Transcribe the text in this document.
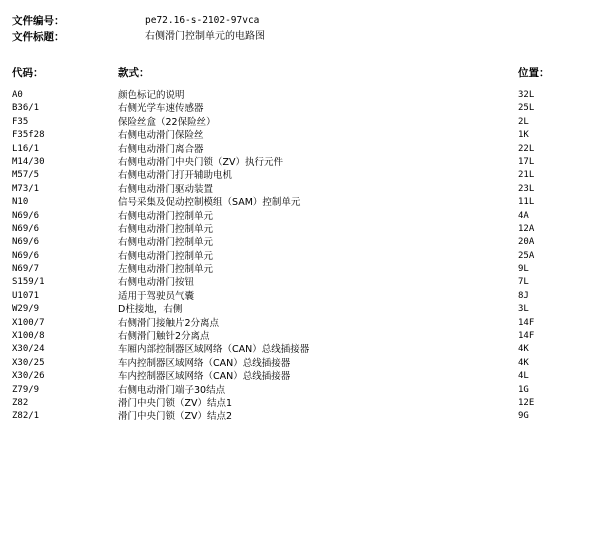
文件编号：	pe72.16-s-2102-97vca
文件标题：	右侧滑门控制单元的电路图
代码：	款式：	位置：
A0	颜色标记的说明	32L
B36/1	右侧光学车速传感器	25L
F35	保险丝盒（22保险丝）	2L
F35f28	右侧电动滑门保险丝	1K
L16/1	右侧电动滑门离合器	22L
M14/30	右侧电动滑门中央门锁（ZV）执行元件	17L
M57/5	右侧电动滑门打开辅助电机	21L
M73/1	右侧电动滑门驱动装置	23L
N10	信号采集及促动控制模组（SAM）控制单元	11L
N69/6	右侧电动滑门控制单元	4A
N69/6	右侧电动滑门控制单元	12A
N69/6	右侧电动滑门控制单元	20A
N69/6	右侧电动滑门控制单元	25A
N69/7	左侧电动滑门控制单元	9L
S159/1	右侧电动滑门按钮	7L
U1071	适用于驾驶员气囊	8J
W29/9	D柱接地，右侧	3L
X100/7	右侧滑门接触片2分离点	14F
X100/8	右侧滑门触针2分离点	14F
X30/24	车厢内部控制器区域网络（CAN）总线插接器	4K
X30/25	车内控制器区域网络（CAN）总线插接器	4K
X30/26	车内控制器区域网络（CAN）总线插接器	4L
Z79/9	右侧电动滑门端子30结点	1G
Z82	滑门中央门锁（ZV）结点1	12E
Z82/1	滑门中央门锁（ZV）结点2	9G
